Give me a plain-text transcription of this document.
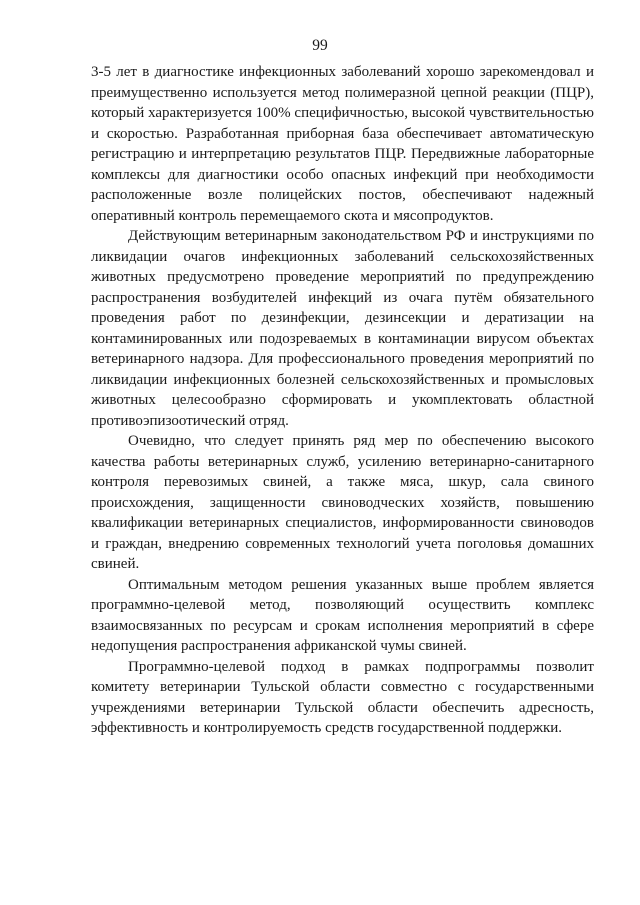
99

3-5 лет в диагностике инфекционных заболеваний хорошо зарекомендовал и преимущественно используется метод полимеразной цепной реакции (ПЦР), который характеризуется 100% специфичностью, высокой чувствительностью и скоростью. Разработанная приборная база обеспечивает автоматическую регистрацию и интерпретацию результатов ПЦР. Передвижные лабораторные комплексы для диагностики особо опасных инфекций при необходимости расположенные возле полицейских постов, обеспечивают надежный оперативный контроль перемещаемого скота и мясопродуктов.

Действующим ветеринарным законодательством РФ и инструкциями по ликвидации очагов инфекционных заболеваний сельскохозяйственных животных предусмотрено проведение мероприятий по предупреждению распространения возбудителей инфекций из очага путём обязательного проведения работ по дезинфекции, дезинсекции и дератизации на контаминированных или подозреваемых в контаминации вирусом объектах ветеринарного надзора. Для профессионального проведения мероприятий по ликвидации инфекционных болезней сельскохозяйственных и промысловых животных целесообразно сформировать и укомплектовать областной противоэпизоотический отряд.

Очевидно, что следует принять ряд мер по обеспечению высокого качества работы ветеринарных служб, усилению ветеринарно-санитарного контроля перевозимых свиней, а также мяса, шкур, сала свиного происхождения, защищенности свиноводческих хозяйств, повышению квалификации ветеринарных специалистов, информированности свиноводов и граждан, внедрению современных технологий учета поголовья домашних свиней.

Оптимальным методом решения указанных выше проблем является программно-целевой метод, позволяющий осуществить комплекс взаимосвязанных по ресурсам и срокам исполнения мероприятий в сфере недопущения распространения африканской чумы свиней.

Программно-целевой подход в рамках подпрограммы позволит комитету ветеринарии Тульской области совместно с государственными учреждениями ветеринарии Тульской области обеспечить адресность, эффективность и контролируемость средств государственной поддержки.
